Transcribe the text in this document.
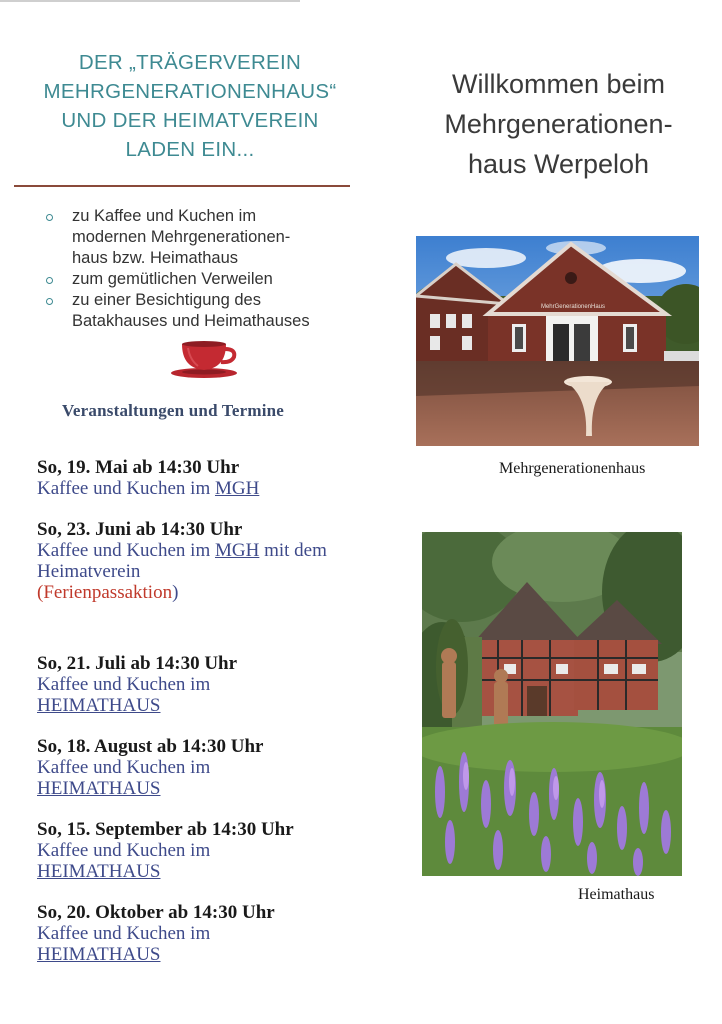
DER „TRÄGERVEREIN
MEHRGENERATIONENHAUS“
UND DER HEIMATVEREIN
LADEN EIN...
zu Kaffee und Kuchen im
modernen Mehrgenerationen-
haus bzw. Heimathaus
zum gemütlichen Verweilen
zu einer Besichtigung des
Batakhauses und Heimathauses
Veranstaltungen und Termine
So, 19. Mai ab 14:30 Uhr
Kaffee und Kuchen im MGH
So, 23. Juni ab 14:30 Uhr
Kaffee und Kuchen im MGH mit dem Heimatverein
(Ferienpassaktion)
So, 21. Juli ab 14:30 Uhr
Kaffee und Kuchen im
HEIMATHAUS
So, 18. August ab 14:30 Uhr
Kaffee und Kuchen im
HEIMATHAUS
So, 15. September ab 14:30 Uhr
Kaffee und Kuchen im
HEIMATHAUS
So, 20. Oktober ab 14:30 Uhr
Kaffee und Kuchen im
HEIMATHAUS
Willkommen beim
Mehrgenerationen-
haus Werpeloh
MehrGenerationenHaus
Mehrgenerationenhaus
Heimathaus
